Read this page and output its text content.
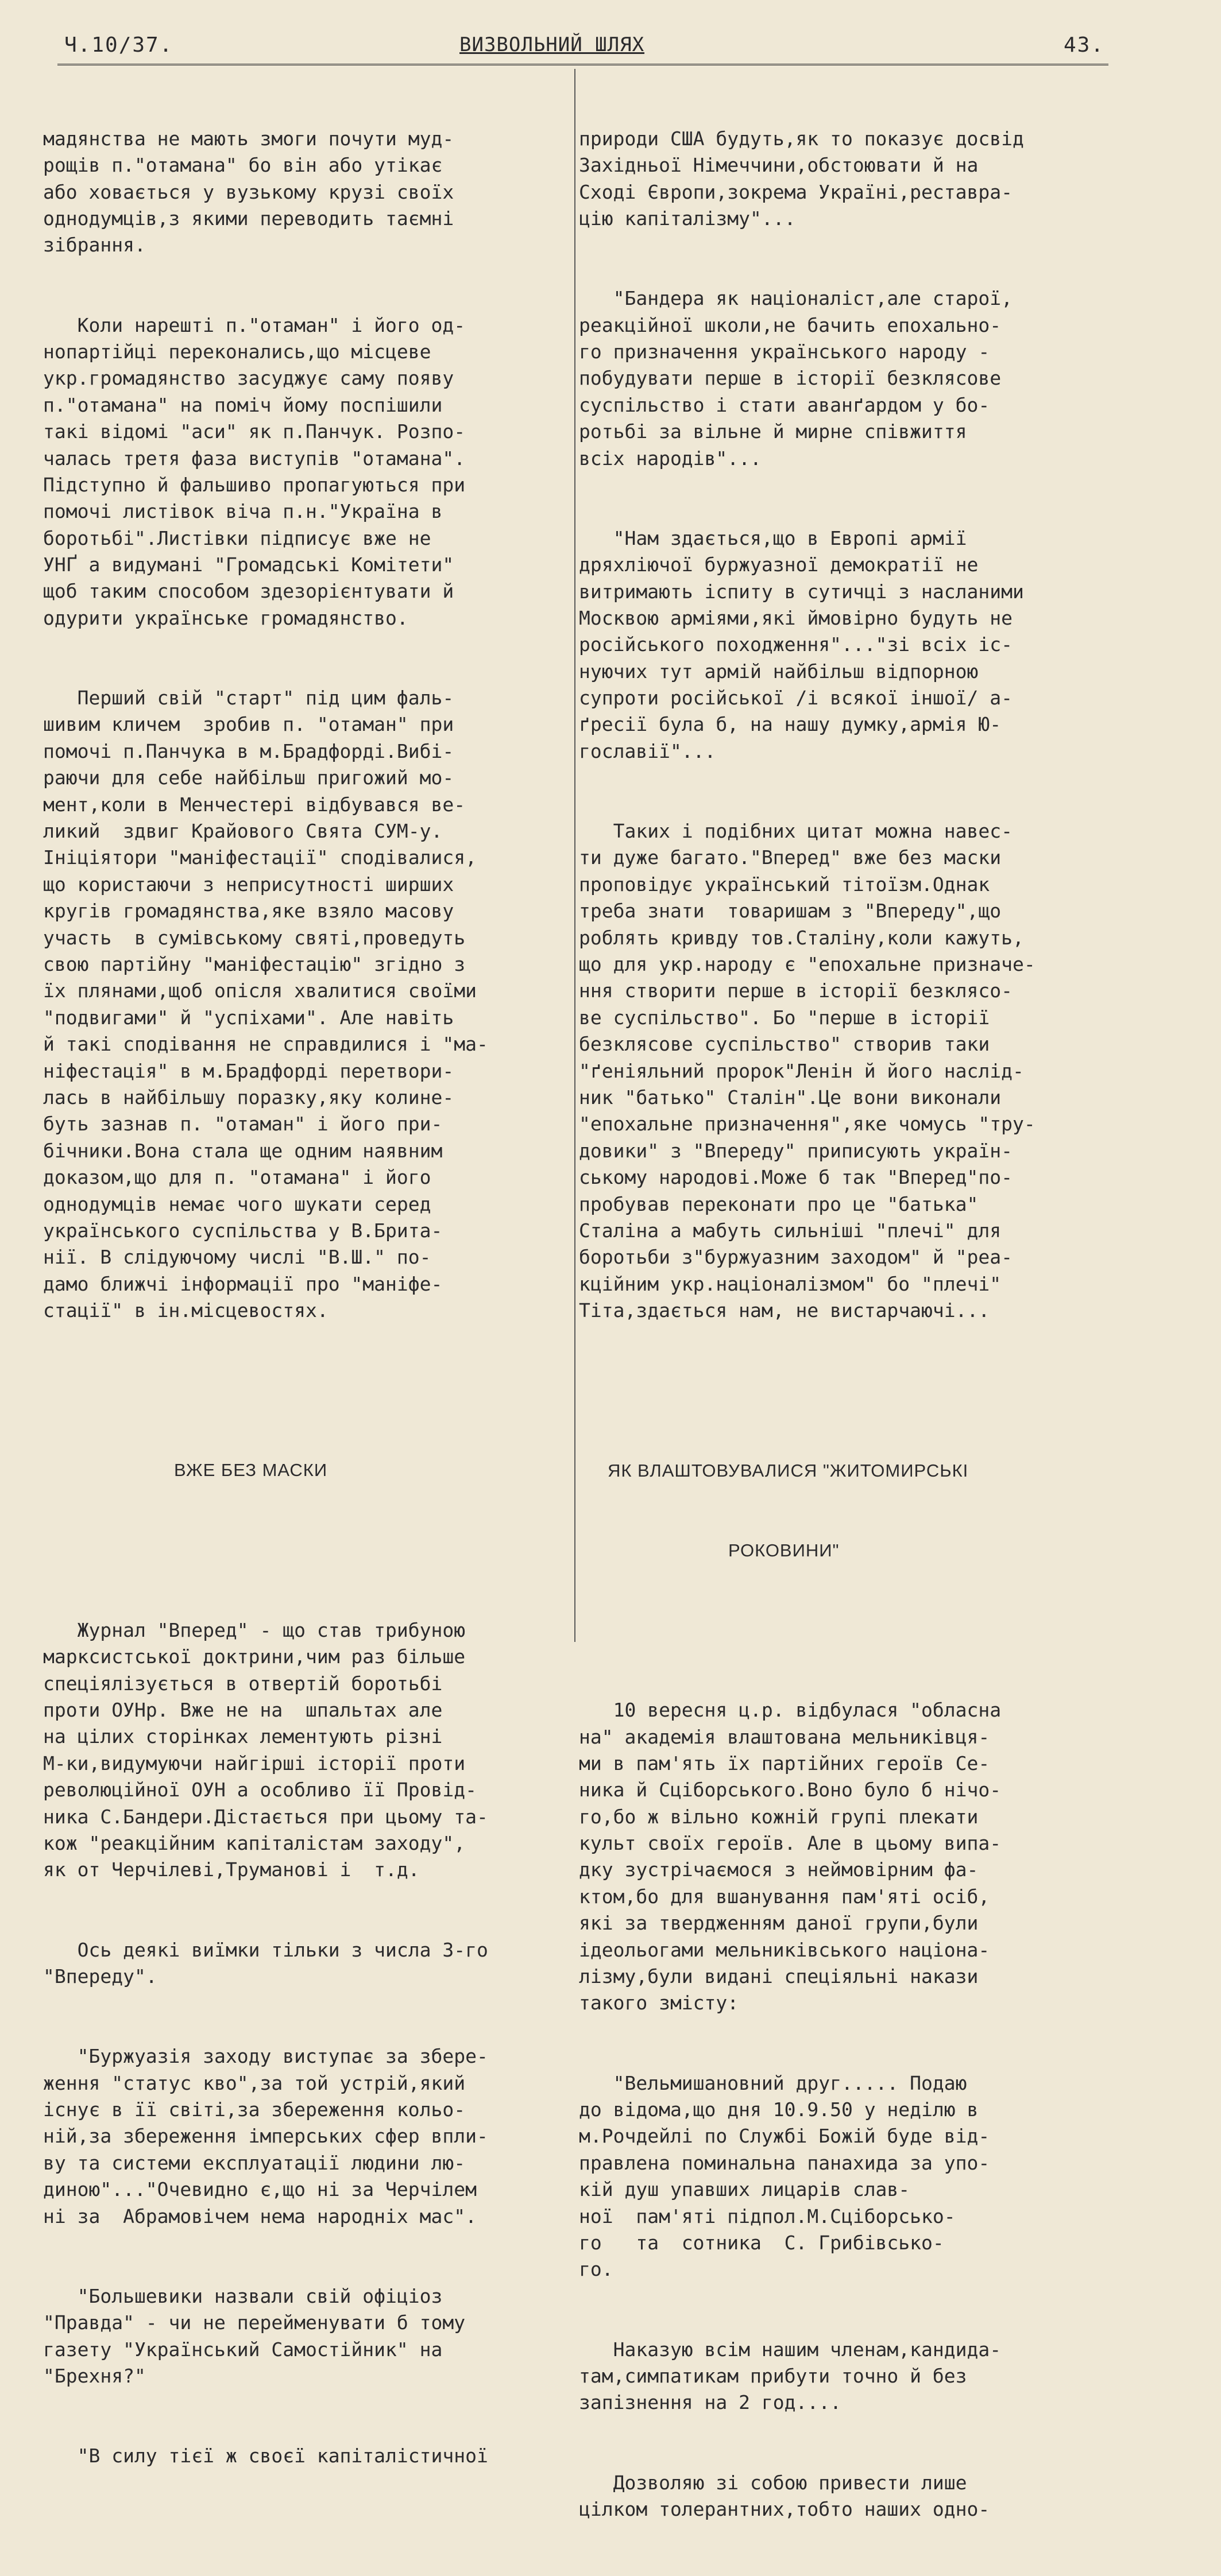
Ч.10/37.	ВИЗВОЛЬНИЙ ШЛЯХ	43.

мадянства не мають змоги почути муд-
рощів п."отамана" бо він або утікає
або ховається у вузькому крузі своїх
однодумців,з якими переводить таємні
зібрання.

Коли нарешті п."отаман" і його од-
нопартійці переконались,що місцеве
укр.громадянство засуджує саму появу
п."отамана" на поміч йому поспішили
такі відомі "аси" як п.Панчук. Розпо-
чалась третя фаза виступів "отамана".
Підступно й фальшиво пропагуються при
помочі листівок віча п.н."Україна в
боротьбі".Листівки підписує вже не
УНҐ а видумані "Громадські Комітети"
щоб таким способом здезорієнтувати й
одурити українське громадянство.

Перший свій "старт" під цим фаль-
шивим кличем  зробив п. "отаман" при
помочі п.Панчука в м.Брадфорді.Вибі-
раючи для себе найбільш пригожий мо-
мент,коли в Менчестері відбувався ве-
ликий  здвиг Крайового Свята СУМ-у.
Ініціятори "маніфестації" сподівалися,
що користаючи з неприсутності ширших
кругів громадянства,яке взяло масову
участь  в сумівському святі,проведуть
свою партійну "маніфестацію" згідно з
їх плянами,щоб опісля хвалитися своїми
"подвигами" й "успіхами". Але навіть
й такі сподівання не справдилися і "ма-
ніфестація" в м.Брадфорді перетвори-
лась в найбільшу поразку,яку колине-
буть зазнав п. "отаман" і його при-
бічники.Вона стала ще одним наявним
доказом,що для п. "отамана" і його
однодумців немає чого шукати серед
українського суспільства у В.Брита-
нії. В слідуючому числі "В.Ш." по-
дамо ближчі інформації про "маніфе-
стації" в ін.місцевостях.

ВЖЕ БЕЗ МАСКИ

Журнал "Вперед" - що став трибуною
марксистської доктрини,чим раз більше
спеціялізується в отвертій боротьбі
проти ОУНр. Вже не на  шпальтах але
на цілих сторінках лементують різні
М-ки,видумуючи найгірші історії проти
революційної ОУН а особливо її Провід-
ника С.Бандери.Дістається при цьому та-
кож "реакційним капіталістам заходу",
як от Черчілеві,Труманові і  т.д.

Ось деякі виїмки тільки з числа 3-го
"Вперeду".

"Буржуазія заходу виступає за збере-
ження "статус кво",за той устрій,який
існує в її світі,за збереження кольо-
ній,за збереження імперських сфер впли-
ву та системи експлуатації людини лю-
диною"..."Очевидно є,що ні за Черчілем
ні за  Абрамовічем нема народніх мас".

"Большевики назвали свій офіціоз
"Правда" - чи не перейменувати б тому
газету "Український Самостійник" на
"Брехня?"

"В силу тієї ж своєї капіталістичної

природи США будуть,як то показує досвід
Західньої Німеччини,обстоювати й на
Сході Європи,зокрема Україні,реставра-
цію капіталізму"...

"Бандера як націоналіст,але старої,
реакційної школи,не бачить епохально-
го призначення українського народу -
побудувати перше в історії безклясове
суспільство і стати аванґардом у бо-
ротьбі за вільне й мирне співжиття
всіх народів"...

"Нам здається,що в Европі армії
дряхліючої буржуазної демократії не
витримають іспиту в сутичці з насланими
Москвою арміями,які ймовірно будуть не
російського походження"..."зі всіх іс-
нуючих тут армій найбільш відпорною
супроти російської /і всякої іншої/ а-
ґресії була б, на нашу думку,армія Ю-
гославії"...

Таких і подібних цитат можна навес-
ти дуже багато."Вперед" вже без маски
проповідує український тітоїзм.Однак
треба знати  товаришам з "Вперeду",що
роблять кривду тов.Сталіну,коли кажуть,
що для укр.народу є "епохальне призначе-
ння створити перше в історії безклясо-
ве суспільство". Бо "перше в історії
безклясове суспільство" створив таки
"ґеніяльний пророк"Ленін й його наслід-
ник "батько" Сталін".Це вони виконали
"епохальне призначення",яке чомусь "тру-
довики" з "Вперeду" приписують україн-
ському народові.Може б так "Вперед"по-
пробував переконати про це "батька"
Сталіна а мабуть сильніші "плечі" для
боротьби з"буржуазним заходом" й "реа-
кційним укр.націоналізмом" бо "плечі"
Тіта,здається нам, не вистарчаючі...

ЯК ВЛАШТОВУВАЛИСЯ "ЖИТОМИРСЬКІ

РОКОВИНИ"

10 вересня ц.р. відбулася "обласна
на" академія влаштована мельниківця-
ми в пам'ять їх партійних героїв Се-
ника й Сціборського.Воно було б нічо-
го,бо ж вільно кожній групі плекати
культ своїх героїв. Але в цьому випа-
дку зустрічаємося з неймовірним фа-
ктом,бо для вшанування пам'яті осіб,
які за твердженням даної групи,були
ідеольогами мельниківського націона-
лізму,були видані спеціяльні накази
такого змісту:

"Вельмишановний друг..... Подаю
до відома,що дня 10.9.50 у неділю в
м.Рочдейлі по Службі Божій буде від-
правлена поминальна панахида за упо-
кій душ упавших лицарів слав-
ної  пам'яті підпол.М.Сціборсько-
го   та  сотника  С. Грибівсько-
го.

Наказую всім нашим членам,кандида-
там,симпатикам прибути точно й без
запізнення на 2 год....

Дозволяю зі собою привести лише
цілком толерантних,тобто наших одно-
